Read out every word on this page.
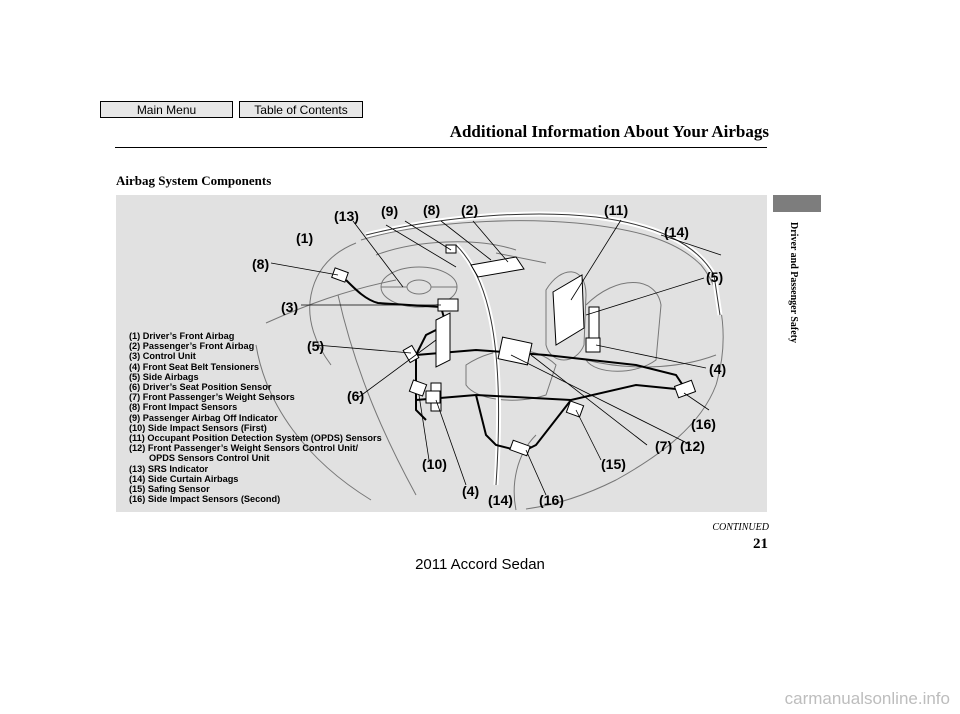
Main Menu	Table of Contents
Additional Information About Your Airbags
Airbag System Components
Driver and Passenger Safety
(13) (9) (8) (2)	(11)
(1)	(14)
(8)
(5)
(3)
(5)
(4)
(6)
(16)
(7) (12)
(10)	(15)
(4)
(14) (16)
(1) Driver’s Front Airbag
(2) Passenger’s Front Airbag
(3) Control Unit
(4) Front Seat Belt Tensioners
(5) Side Airbags
(6) Driver’s Seat Position Sensor
(7) Front Passenger’s Weight Sensors
(8) Front Impact Sensors
(9) Passenger Airbag Off Indicator
(10) Side Impact Sensors (First)
(11) Occupant Position Detection System (OPDS) Sensors
(12) Front Passenger’s Weight Sensors Control Unit/
OPDS Sensors Control Unit
(13) SRS Indicator
(14) Side Curtain Airbags
(15) Safing Sensor
(16) Side Impact Sensors (Second)
CONTINUED
21
2011 Accord Sedan
carmanualsonline.info
